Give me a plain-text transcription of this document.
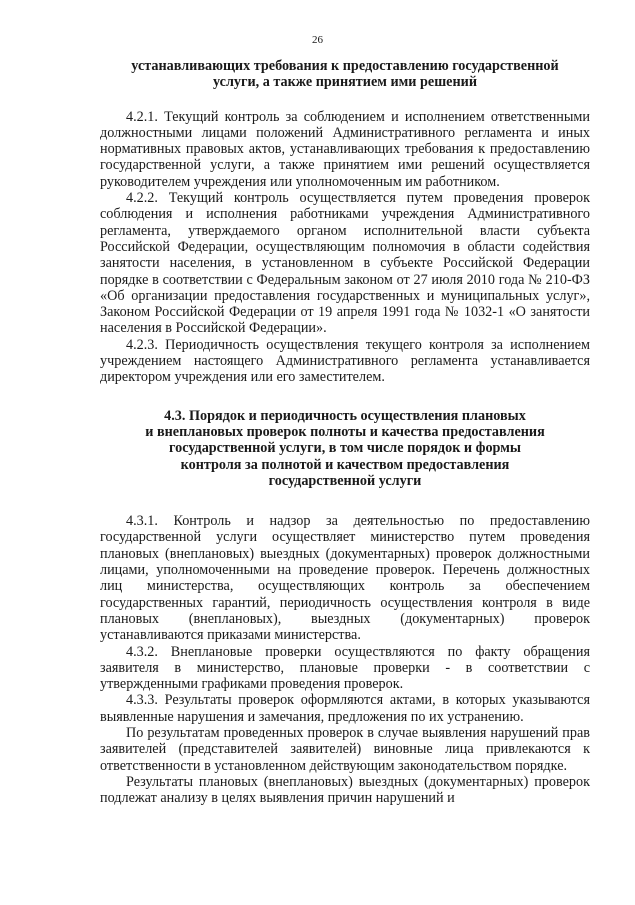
26
устанавливающих требования к предоставлению государственной
услуги, а также принятием ими решений

4.2.1. Текущий контроль за соблюдением и исполнением ответственными должностными лицами положений Административного регламента и иных нормативных правовых актов, устанавливающих требования к предоставлению государственной услуги, а также принятием ими решений осуществляется руководителем учреждения или уполномоченным им работником.

4.2.2. Текущий контроль осуществляется путем проведения проверок соблюдения и исполнения работниками учреждения Административного регламента, утверждаемого органом исполнительной власти субъекта Российской Федерации, осуществляющим полномочия в области содействия занятости населения, в установленном в субъекте Российской Федерации порядке в соответствии с Федеральным законом от 27 июля 2010 года № 210-ФЗ «Об организации предоставления государственных и муниципальных услуг», Законом Российской Федерации от 19 апреля 1991 года № 1032-1 «О занятости населения в Российской Федерации».

4.2.3. Периодичность осуществления текущего контроля за исполнением учреждением настоящего Административного регламента устанавливается директором учреждения или его заместителем.

4.3. Порядок и периодичность осуществления плановых
и внеплановых проверок полноты и качества предоставления
государственной услуги, в том числе порядок и формы
контроля за полнотой и качеством предоставления
государственной услуги

4.3.1. Контроль и надзор за деятельностью по предоставлению государственной услуги осуществляет министерство путем проведения плановых (внеплановых) выездных (документарных) проверок должностными лицами, уполномоченными на проведение проверок. Перечень должностных лиц министерства, осуществляющих контроль за обеспечением государственных гарантий, периодичность осуществления контроля в виде плановых (внеплановых), выездных (документарных) проверок устанавливаются приказами министерства.

4.3.2. Внеплановые проверки осуществляются по факту обращения заявителя в министерство, плановые проверки - в соответствии с утвержденными графиками проведения проверок.

4.3.3. Результаты проверок оформляются актами, в которых указываются выявленные нарушения и замечания, предложения по их устранению.

По результатам проведенных проверок в случае выявления нарушений прав заявителей (представителей заявителей) виновные лица привлекаются к ответственности в установленном действующим законодательством порядке.

Результаты плановых (внеплановых) выездных (документарных) проверок подлежат анализу в целях выявления причин нарушений и
